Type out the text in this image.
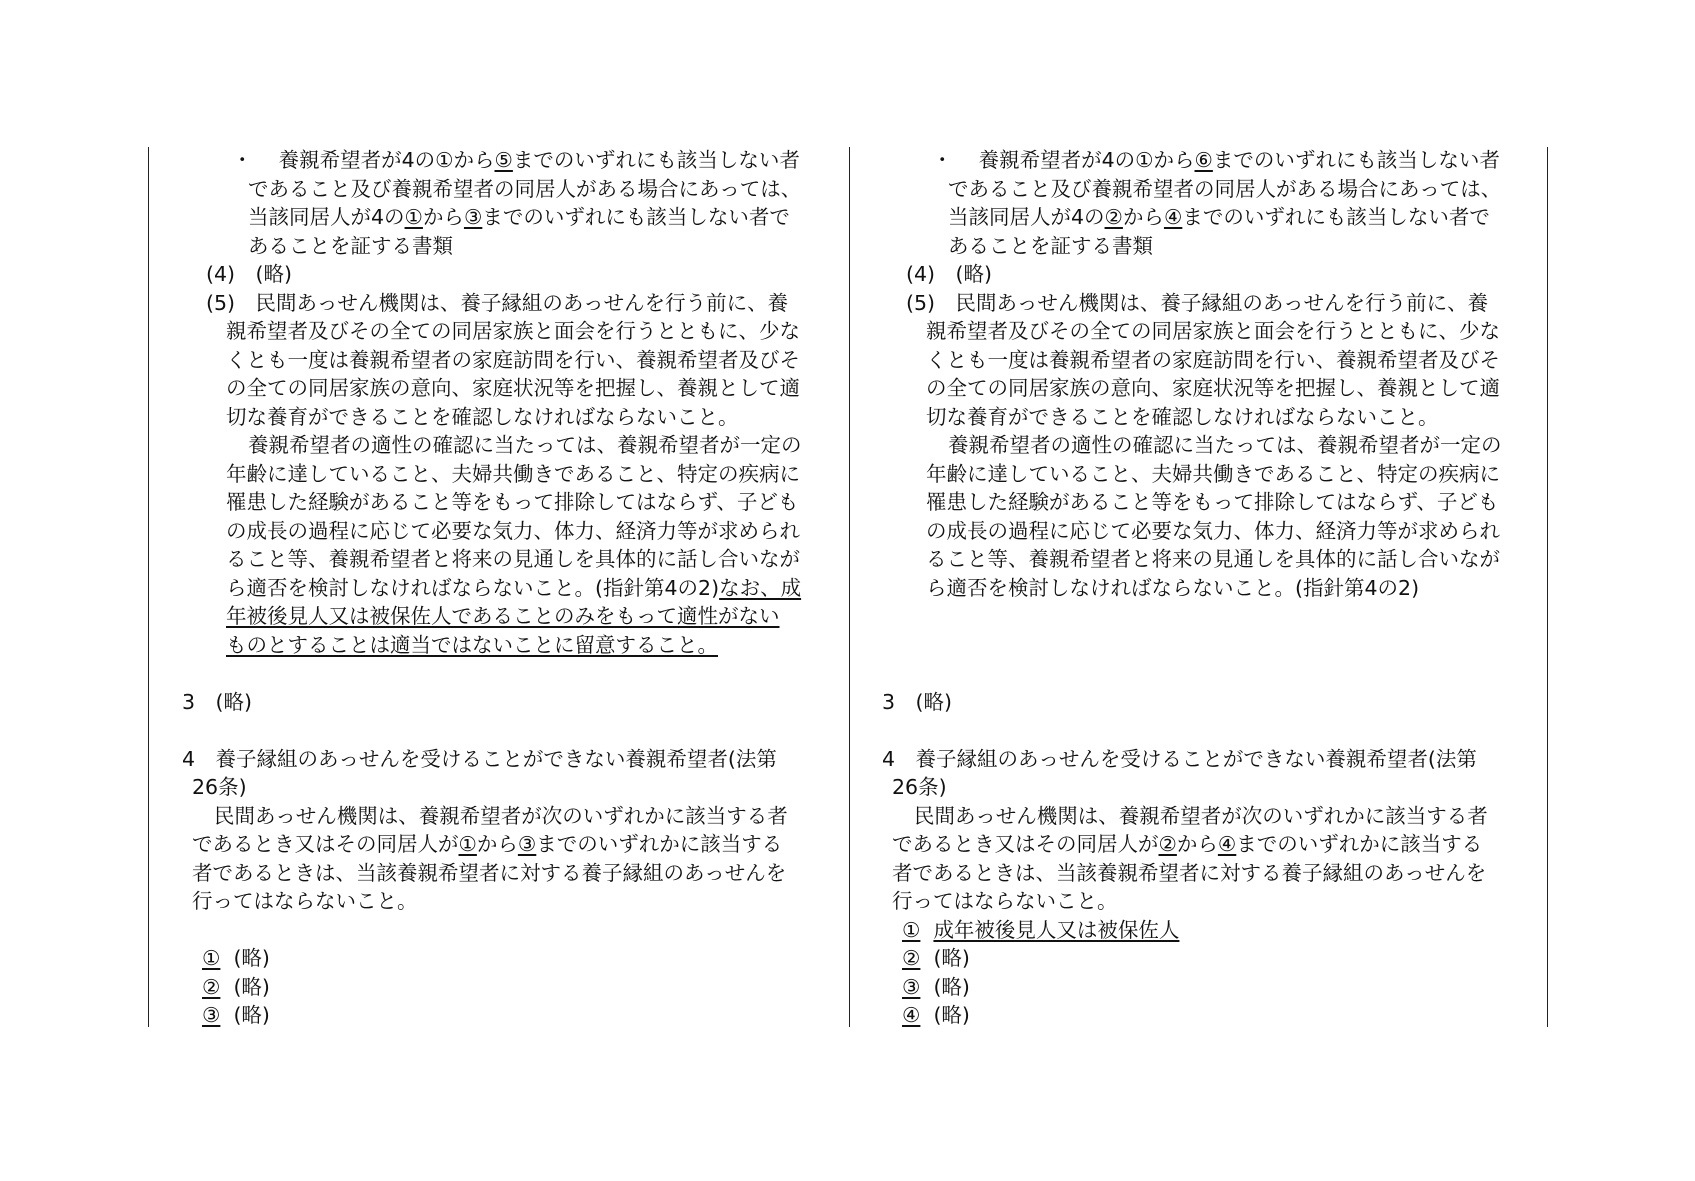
・ 養親希望者が4の①から⑤までのいずれにも該当しない者

であること及び養親希望者の同居人がある場合にあっては、

当該同居人が4の①から③までのいずれにも該当しない者で

あることを証する書類

(4)　(略)

(5)　民間あっせん機関は、養子縁組のあっせんを行う前に、養

親希望者及びその全ての同居家族と面会を行うとともに、少な

くとも一度は養親希望者の家庭訪問を行い、養親希望者及びそ

の全ての同居家族の意向、家庭状況等を把握し、養親として適

切な養育ができることを確認しなければならないこと。

養親希望者の適性の確認に当たっては、養親希望者が一定の

年齢に達していること、夫婦共働きであること、特定の疾病に

罹患した経験があること等をもって排除してはならず、子ども

の成長の過程に応じて必要な気力、体力、経済力等が求められ

ること等、養親希望者と将来の見通しを具体的に話し合いなが

ら適否を検討しなければならないこと。(指針第4の2)なお、成

年被後見人又は被保佐人であることのみをもって適性がない

ものとすることは適当ではないことに留意すること。

3　(略)

4　養子縁組のあっせんを受けることができない養親希望者(法第

26条)

民間あっせん機関は、養親希望者が次のいずれかに該当する者

であるとき又はその同居人が①から③までのいずれかに該当する

者であるときは、当該養親希望者に対する養子縁組のあっせんを

行ってはならないこと。

① (略)

② (略)

③ (略)

・ 養親希望者が4の①から⑥までのいずれにも該当しない者

であること及び養親希望者の同居人がある場合にあっては、

当該同居人が4の②から④までのいずれにも該当しない者で

あることを証する書類

(4)　(略)

(5)　民間あっせん機関は、養子縁組のあっせんを行う前に、養

親希望者及びその全ての同居家族と面会を行うとともに、少な

くとも一度は養親希望者の家庭訪問を行い、養親希望者及びそ

の全ての同居家族の意向、家庭状況等を把握し、養親として適

切な養育ができることを確認しなければならないこと。

養親希望者の適性の確認に当たっては、養親希望者が一定の

年齢に達していること、夫婦共働きであること、特定の疾病に

罹患した経験があること等をもって排除してはならず、子ども

の成長の過程に応じて必要な気力、体力、経済力等が求められ

ること等、養親希望者と将来の見通しを具体的に話し合いなが

ら適否を検討しなければならないこと。(指針第4の2)

3　(略)

4　養子縁組のあっせんを受けることができない養親希望者(法第

26条)

民間あっせん機関は、養親希望者が次のいずれかに該当する者

であるとき又はその同居人が②から④までのいずれかに該当する

者であるときは、当該養親希望者に対する養子縁組のあっせんを

行ってはならないこと。

① 成年被後見人又は被保佐人

② (略)

③ (略)

④ (略)
